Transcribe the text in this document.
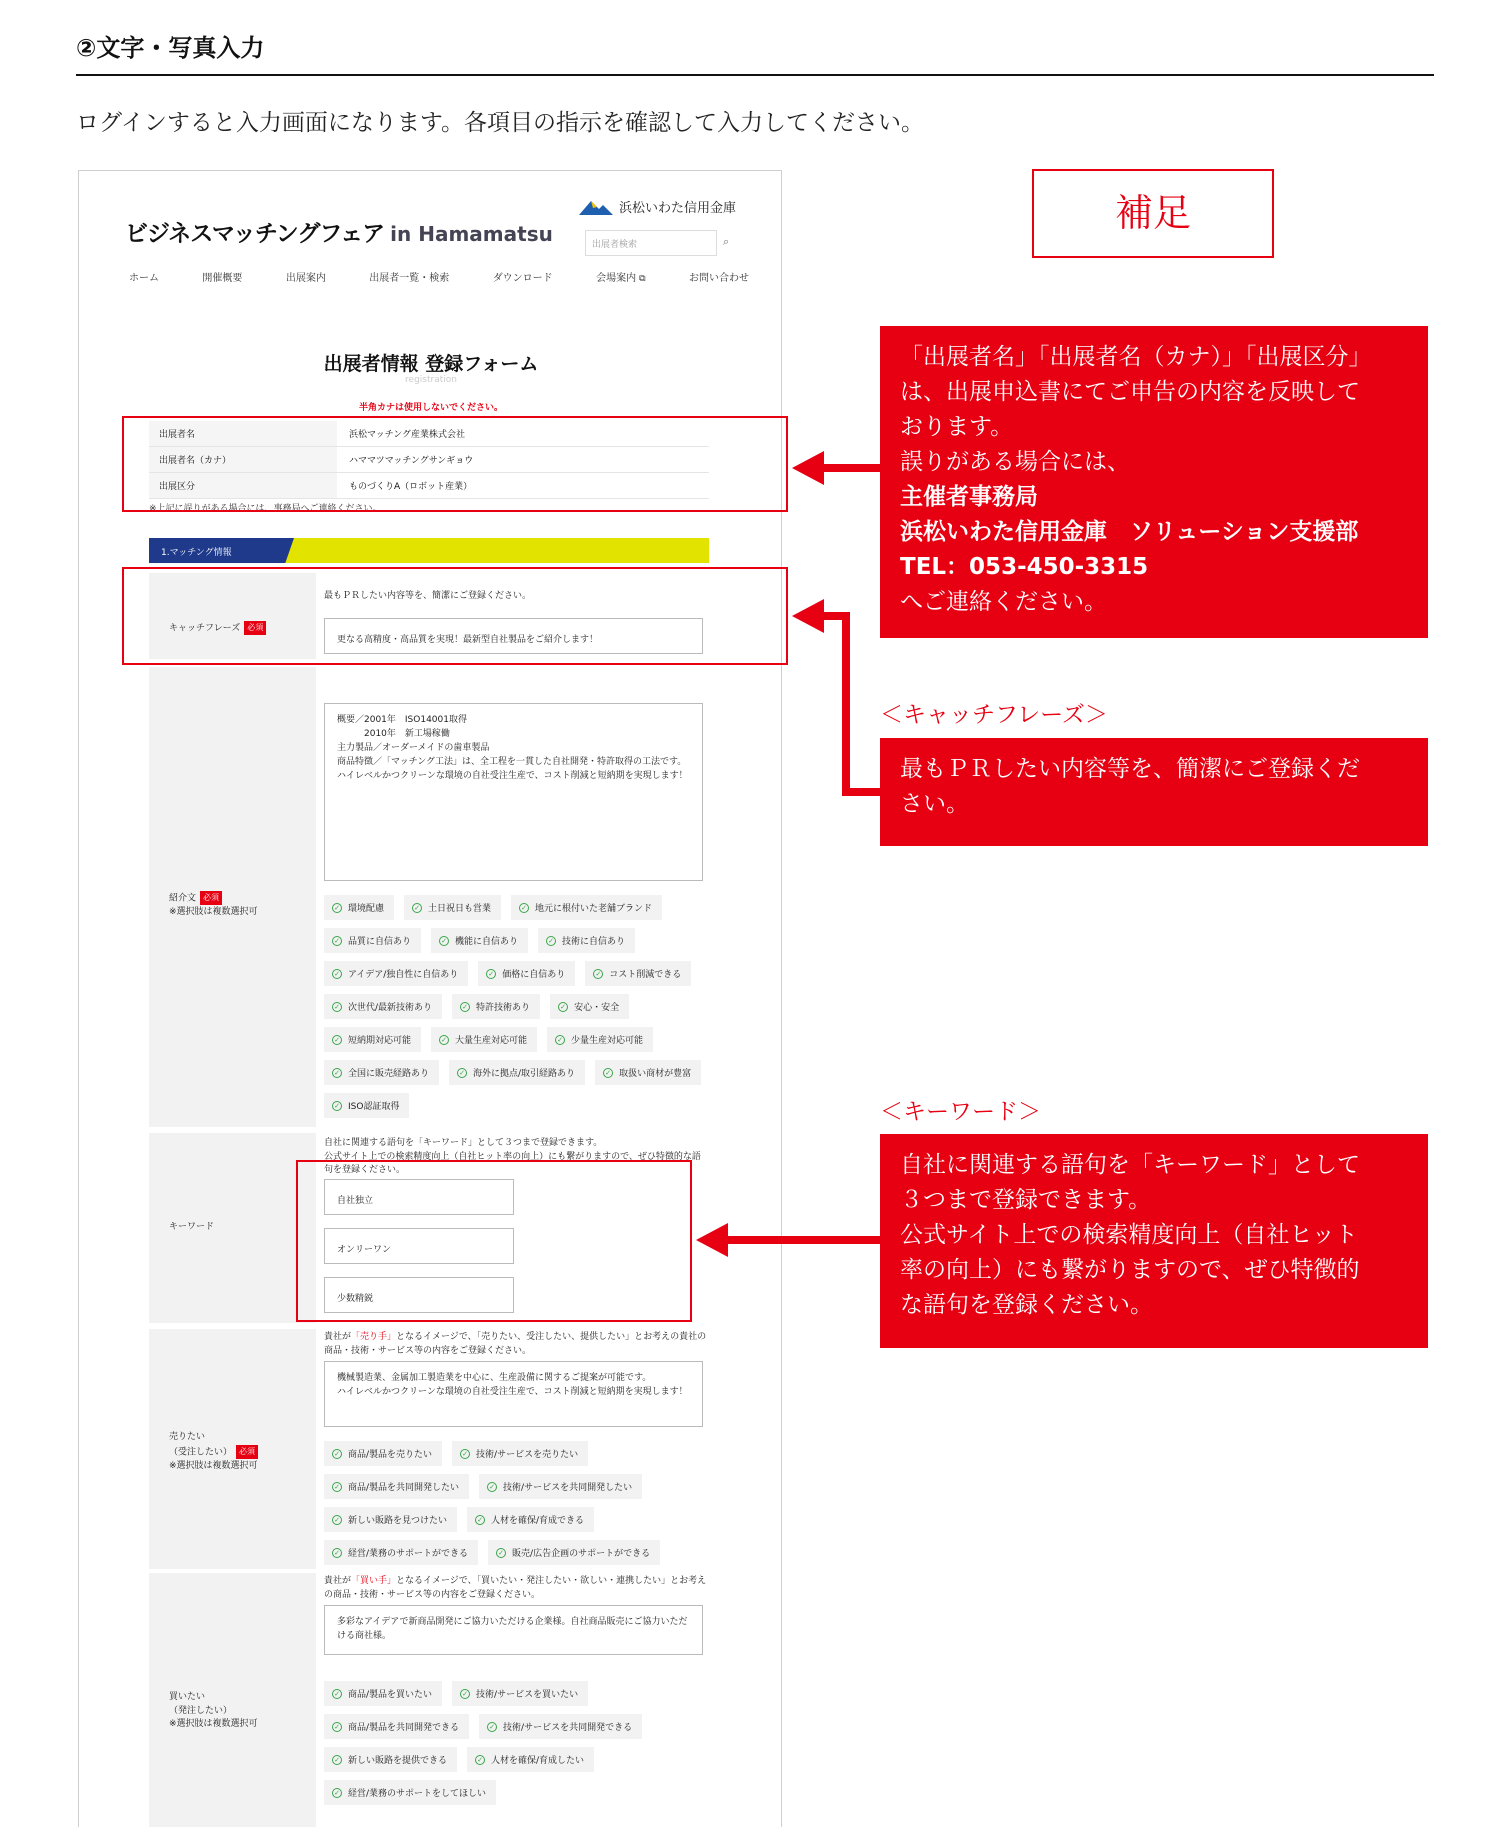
②文字・写真入力
ログインすると入力画面になります。各項目の指示を確認して入力してください。
ビジネスマッチングフェア in Hamamatsu
浜松いわた信用金庫
出展者検索	⌕
ホーム	開催概要	出展案内	出展者一覧・検索	ダウンロード	会場案内 ⧉	お問い合わせ
出展者情報 登録フォーム
registration
半角カナは使用しないでください。
出展者名	浜松マッチング産業株式会社
出展者名（カナ）	ハママツマッチングサンギョウ
出展区分	ものづくりA（ロボット産業）
※上記に誤りがある場合には、事務局へご連絡ください。
1.マッチング情報
キャッチフレーズ 必須
最もＰＲしたい内容等を、簡潔にご登録ください。
更なる高精度・高品質を実現！最新型自社製品をご紹介します！
紹介文 必須
※選択肢は複数選択可
概要／2001年　ISO14001取得
　　　2010年　新工場稼働
主力製品／オーダーメイドの歯車製品
商品特徴／「マッチング工法」は、全工程を一貫した自社開発・特許取得の工法です。
ハイレベルかつクリーンな環境の自社受注生産で、コスト削減と短納期を実現します！
✓ 環境配慮	✓ 土日祝日も営業	✓ 地元に根付いた老舗ブランド
✓ 品質に自信あり	✓ 機能に自信あり	✓ 技術に自信あり
✓ アイデア/独自性に自信あり	✓ 価格に自信あり	✓ コスト削減できる
✓ 次世代/最新技術あり	✓ 特許技術あり	✓ 安心・安全
✓ 短納期対応可能	✓ 大量生産対応可能	✓ 少量生産対応可能
✓ 全国に販売経路あり	✓ 海外に拠点/取引経路あり	✓ 取扱い商材が豊富
✓ ISO認証取得
キーワード
自社に関連する語句を「キーワード」として３つまで登録できます。
公式サイト上での検索精度向上（自社ヒット率の向上）にも繋がりますので、ぜひ特徴的な語句を登録ください。
自社独立
オンリーワン
少数精鋭
売りたい
（受注したい） 必須
※選択肢は複数選択可
貴社が「売り手」となるイメージで、「売りたい、受注したい、提供したい」とお考えの貴社の商品・技術・サービス等の内容をご登録ください。
機械製造業、金属加工製造業を中心に、生産設備に関するご提案が可能です。
ハイレベルかつクリーンな環境の自社受注生産で、コスト削減と短納期を実現します！
✓ 商品/製品を売りたい	✓ 技術/サービスを売りたい
✓ 商品/製品を共同開発したい	✓ 技術/サービスを共同開発したい
✓ 新しい販路を見つけたい	✓ 人材を確保/育成できる
✓ 経営/業務のサポートができる	✓ 販売/広告企画のサポートができる
買いたい
（発注したい）
※選択肢は複数選択可
貴社が「買い手」となるイメージで、「買いたい・発注したい・欲しい・連携したい」とお考えの商品・技術・サービス等の内容をご登録ください。
多彩なアイデアで新商品開発にご協力いただける企業様。自社商品販売にご協力いただける商社様。
✓ 商品/製品を買いたい	✓ 技術/サービスを買いたい
✓ 商品/製品を共同開発できる	✓ 技術/サービスを共同開発できる
✓ 新しい販路を提供できる	✓ 人材を確保/育成したい
✓ 経営/業務のサポートをしてほしい
補足
「出展者名」「出展者名（カナ）」「出展区分」
は、出展申込書にてご申告の内容を反映して
おります。
誤りがある場合には、
主催者事務局
浜松いわた信用金庫　ソリューション支援部
TEL：053-450-3315
へご連絡ください。
＜キャッチフレーズ＞
最もＰＲしたい内容等を、簡潔にご登録くだ
さい。
＜キーワード＞
自社に関連する語句を「キーワード」として
３つまで登録できます。
公式サイト上での検索精度向上（自社ヒット
率の向上）にも繋がりますので、ぜひ特徴的
な語句を登録ください。
